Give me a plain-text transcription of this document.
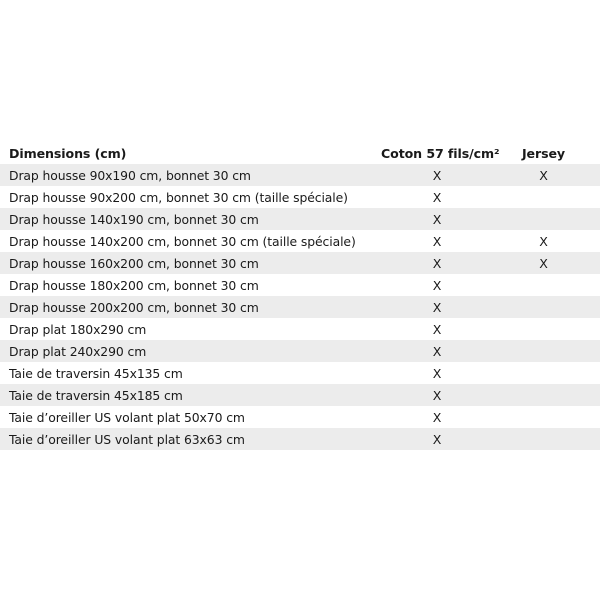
Dimensions (cm)	Coton 57 fils/cm²	Jersey
Drap housse 90x190 cm, bonnet 30 cm	X	X
Drap housse 90x200 cm, bonnet 30 cm (taille spéciale)	X
Drap housse 140x190 cm, bonnet 30 cm	X
Drap housse 140x200 cm, bonnet 30 cm (taille spéciale)	X	X
Drap housse 160x200 cm, bonnet 30 cm	X	X
Drap housse 180x200 cm, bonnet 30 cm	X
Drap housse 200x200 cm, bonnet 30 cm	X
Drap plat 180x290 cm	X
Drap plat 240x290 cm	X
Taie de traversin 45x135 cm	X
Taie de traversin 45x185 cm	X
Taie d’oreiller US volant plat 50x70 cm	X
Taie d’oreiller US volant plat 63x63 cm	X
